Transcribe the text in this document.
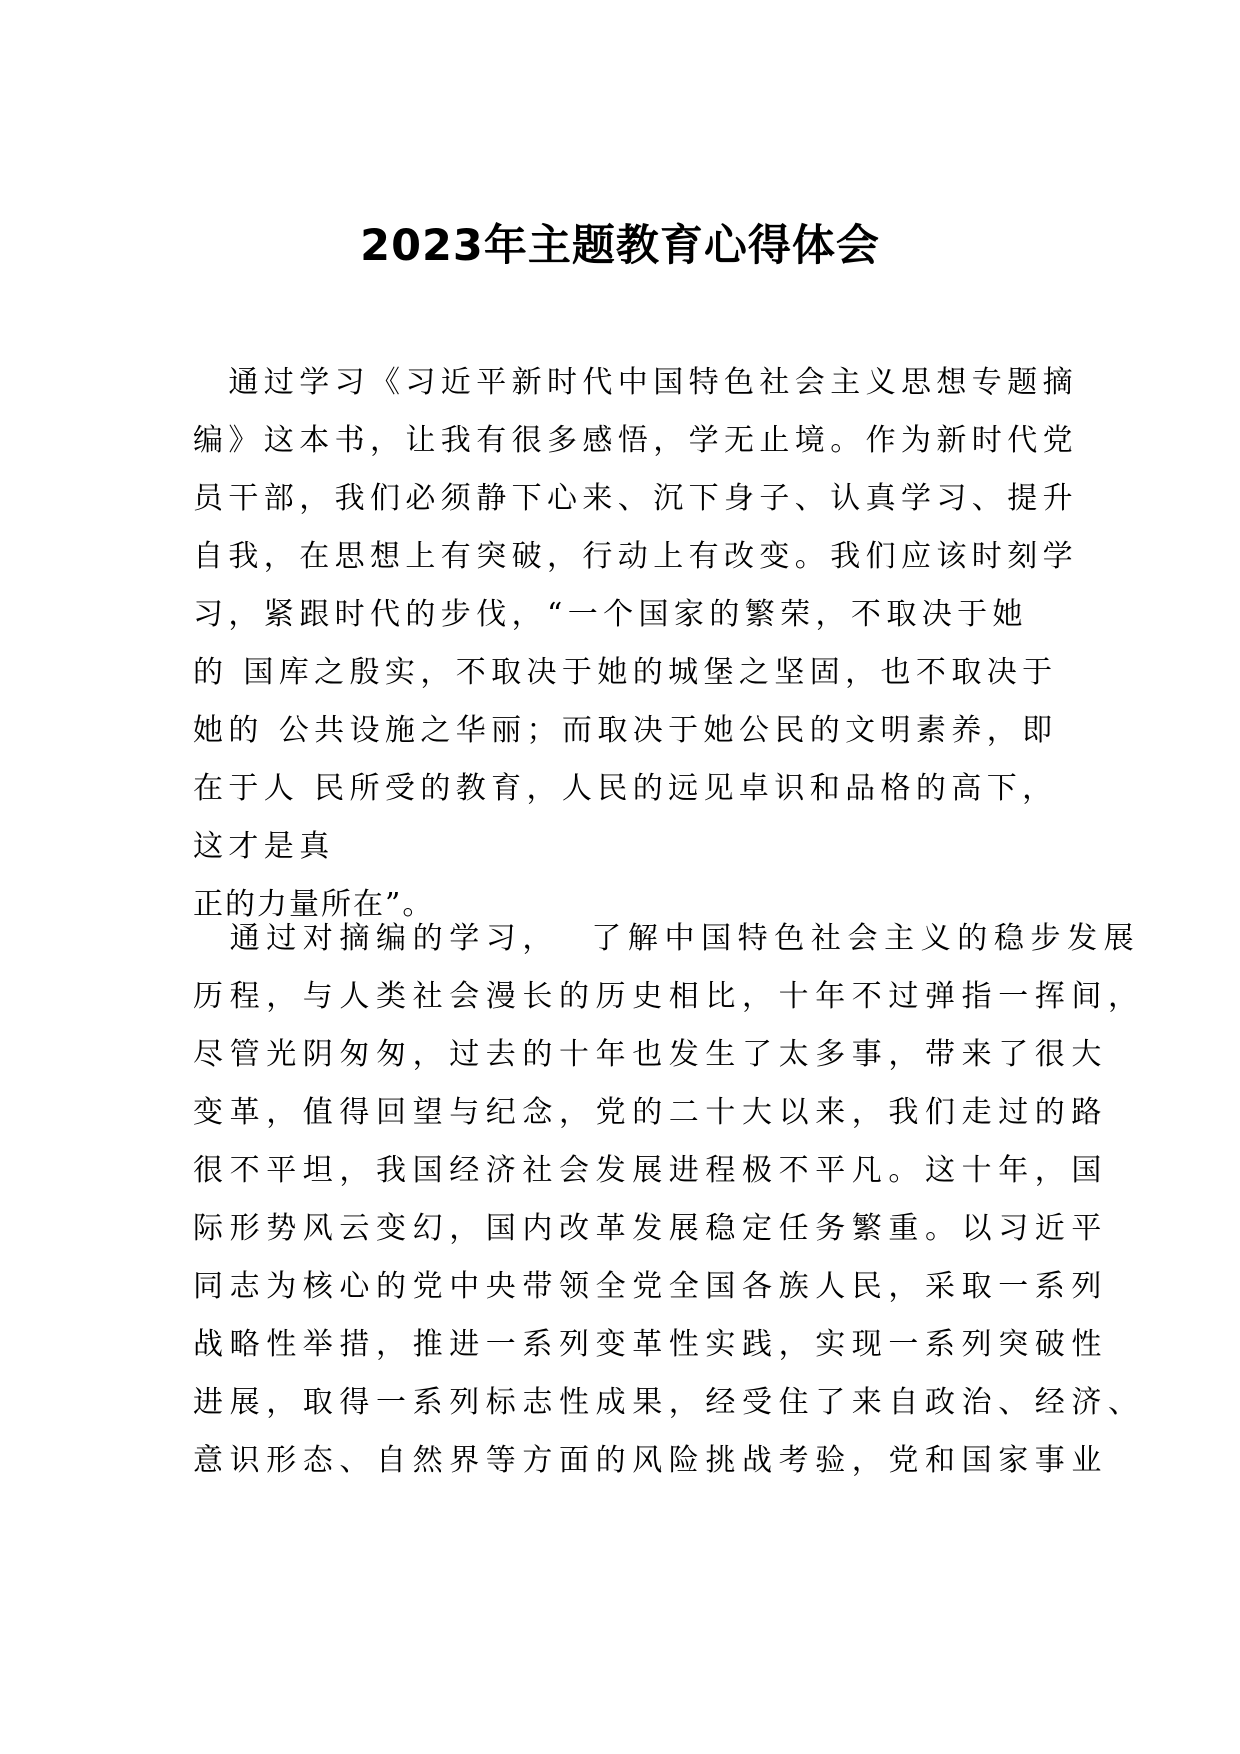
2023年主题教育心得体会
　通过学习《习近平新时代中国特色社会主义思想专题摘
编》这本书，让我有很多感悟，学无止境。作为新时代党
员干部，我们必须静下心来、沉下身子、认真学习、提升
自我，在思想上有突破，行动上有改变。我们应该时刻学
习，紧跟时代的步伐，“一个国家的繁荣，不取决于她
的 国库之殷实，不取决于她的城堡之坚固，也不取决于
她的 公共设施之华丽；而取决于她公民的文明素养，即
在于人 民所受的教育，人民的远见卓识和品格的高下，
这才是真
正的力量所在”。
　通过对摘编的学习，  了解中国特色社会主义的稳步发展
历程，与人类社会漫长的历史相比，十年不过弹指一挥间，
尽管光阴匆匆，过去的十年也发生了太多事，带来了很大
变革，值得回望与纪念，党的二十大以来，我们走过的路
很不平坦，我国经济社会发展进程极不平凡。这十年，国
际形势风云变幻，国内改革发展稳定任务繁重。以习近平
同志为核心的党中央带领全党全国各族人民，采取一系列
战略性举措，推进一系列变革性实践，实现一系列突破性
进展，取得一系列标志性成果，经受住了来自政治、经济、
意识形态、自然界等方面的风险挑战考验，党和国家事业
